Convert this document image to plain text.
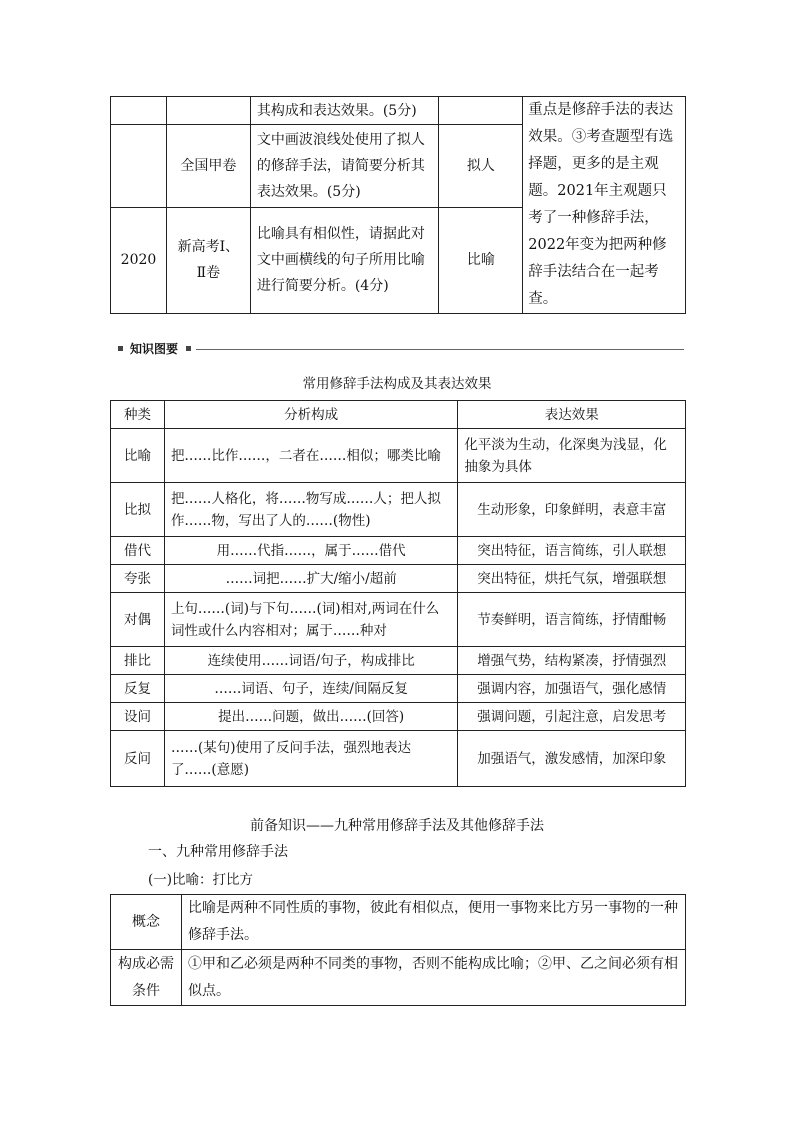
		其构成和表达效果。(5分)		重点是修辞手法的表达效果。③考查题型有选择题，更多的是主观题。2021年主观题只考了一种修辞手法，2022年变为把两种修辞手法结合在一起考查。
	全国甲卷	文中画波浪线处使用了拟人的修辞手法，请简要分析其表达效果。(5分)	拟人	
2020	新高考Ⅰ、Ⅱ卷	比喻具有相似性，请据此对文中画横线的句子所用比喻进行简要分析。(4分)	比喻	
知识图要
常用修辞手法构成及其表达效果
种类	分析构成	表达效果
比喻	把……比作……，二者在……相似；哪类比喻	化平淡为生动，化深奥为浅显，化抽象为具体
比拟	把……人格化，将……物写成……人；把人拟作……物，写出了人的……(物性)	生动形象，印象鲜明，表意丰富
借代	用……代指……，属于……借代	突出特征，语言简练，引人联想
夸张	……词把……扩大/缩小/超前	突出特征，烘托气氛，增强联想
对偶	上句……(词)与下句……(词)相对,两词在什么词性或什么内容相对；属于……种对	节奏鲜明，语言简练，抒情酣畅
排比	连续使用……词语/句子，构成排比	增强气势，结构紧凑，抒情强烈
反复	……词语、句子，连续/间隔反复	强调内容，加强语气，强化感情
设问	提出……问题，做出……(回答)	强调问题，引起注意，启发思考
反问	……(某句)使用了反问手法，强烈地表达了……(意愿)	加强语气，激发感情，加深印象
前备知识——九种常用修辞手法及其他修辞手法
一、九种常用修辞手法
(一)比喻：打比方
概念	比喻是两种不同性质的事物，彼此有相似点，便用一事物来比方另一事物的一种修辞手法。
构成必需条件	①甲和乙必须是两种不同类的事物，否则不能构成比喻；②甲、乙之间必须有相似点。
